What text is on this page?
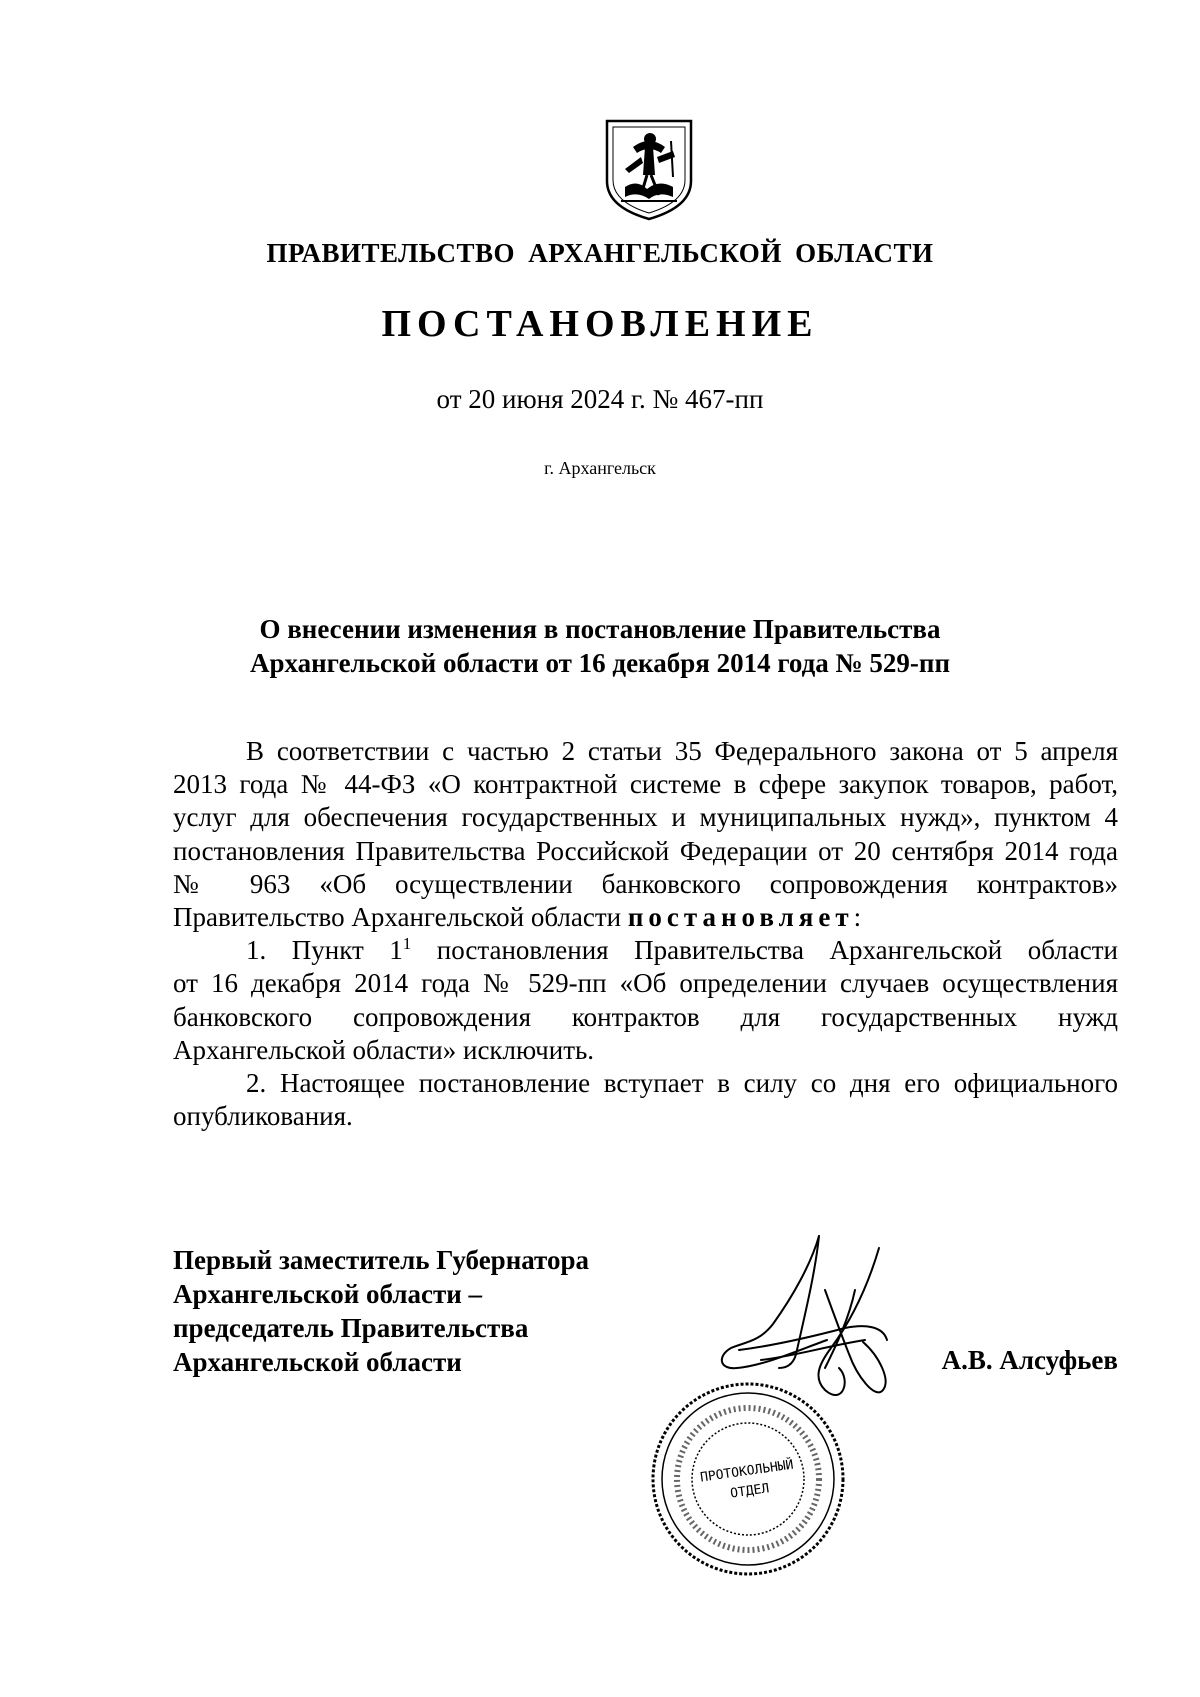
ПРАВИТЕЛЬСТВО АРХАНГЕЛЬСКОЙ ОБЛАСТИ
ПОСТАНОВЛЕНИЕ
от 20 июня 2024 г. № 467-пп
г. Архангельск
О внесении изменения в постановление Правительства
Архангельской области от 16 декабря 2014 года № 529-пп

В соответствии с частью 2 статьи 35 Федерального закона от 5 апреля

2013 года № 44-ФЗ «О контрактной системе в сфере закупок товаров, работ,

услуг для обеспечения государственных и муниципальных нужд», пунктом 4

постановления Правительства Российской Федерации от 20 сентября 2014 года

№ 963 «Об осуществлении банковского сопровождения контрактов»

Правительство Архангельской области постановляет:

1. Пункт $1^1$ постановления Правительства Архангельской области

от 16 декабря 2014 года № 529-пп «Об определении случаев осуществления

банковского сопровождения контрактов для государственных нужд

Архангельской области» исключить.

2. Настоящее постановление вступает в силу со дня его официального

опубликования.

Первый заместитель Губернатора
Архангельской области –
председатель Правительства
Архангельской области	А.В. Алсуфьев
ПРОТОКОЛЬНЫЙ
ОТДЕЛ
